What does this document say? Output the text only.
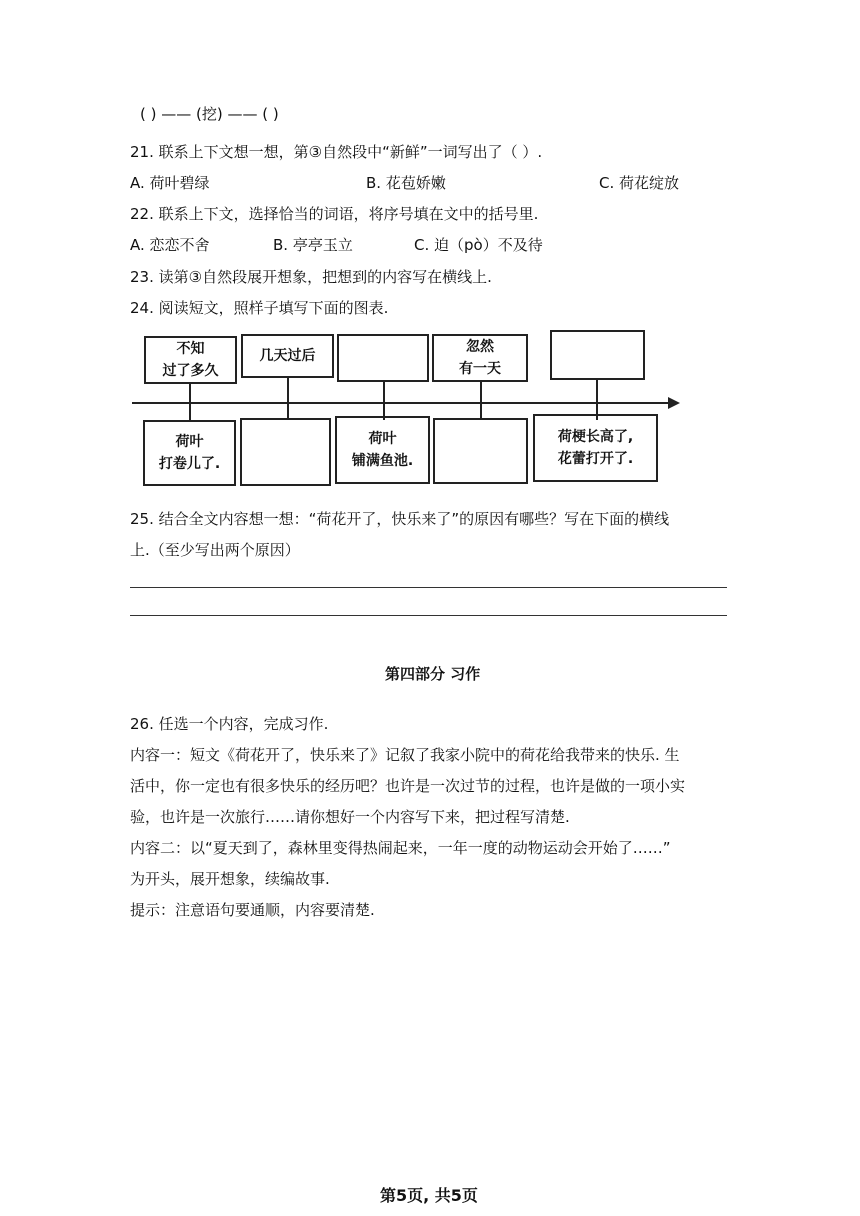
( ) —— (挖) —— ( )
21. 联系上下文想一想，第③自然段中“新鲜”一词写出了（ ）.
A. 荷叶碧绿	B. 花苞娇嫩	C. 荷花绽放
22. 联系上下文，选择恰当的词语，将序号填在文中的括号里.
A. 恋恋不舍	B. 亭亭玉立	C. 迫（pò）不及待
23. 读第③自然段展开想象，把想到的内容写在横线上.
24. 阅读短文，照样子填写下面的图表.
不知
过了多久
几天过后
忽然
有一天
荷叶
打卷儿了.
荷叶
铺满鱼池.
荷梗长高了,
花蕾打开了.
25. 结合全文内容想一想：“荷花开了，快乐来了”的原因有哪些？写在下面的横线
上.（至少写出两个原因）
第四部分 习作
26. 任选一个内容，完成习作.
内容一：短文《荷花开了，快乐来了》记叙了我家小院中的荷花给我带来的快乐. 生
活中，你一定也有很多快乐的经历吧？也许是一次过节的过程，也许是做的一项小实
验，也许是一次旅行……请你想好一个内容写下来，把过程写清楚.
内容二：以“夏天到了，森林里变得热闹起来，一年一度的动物运动会开始了……”
为开头，展开想象，续编故事.
提示：注意语句要通顺，内容要清楚.
第5页, 共5页
